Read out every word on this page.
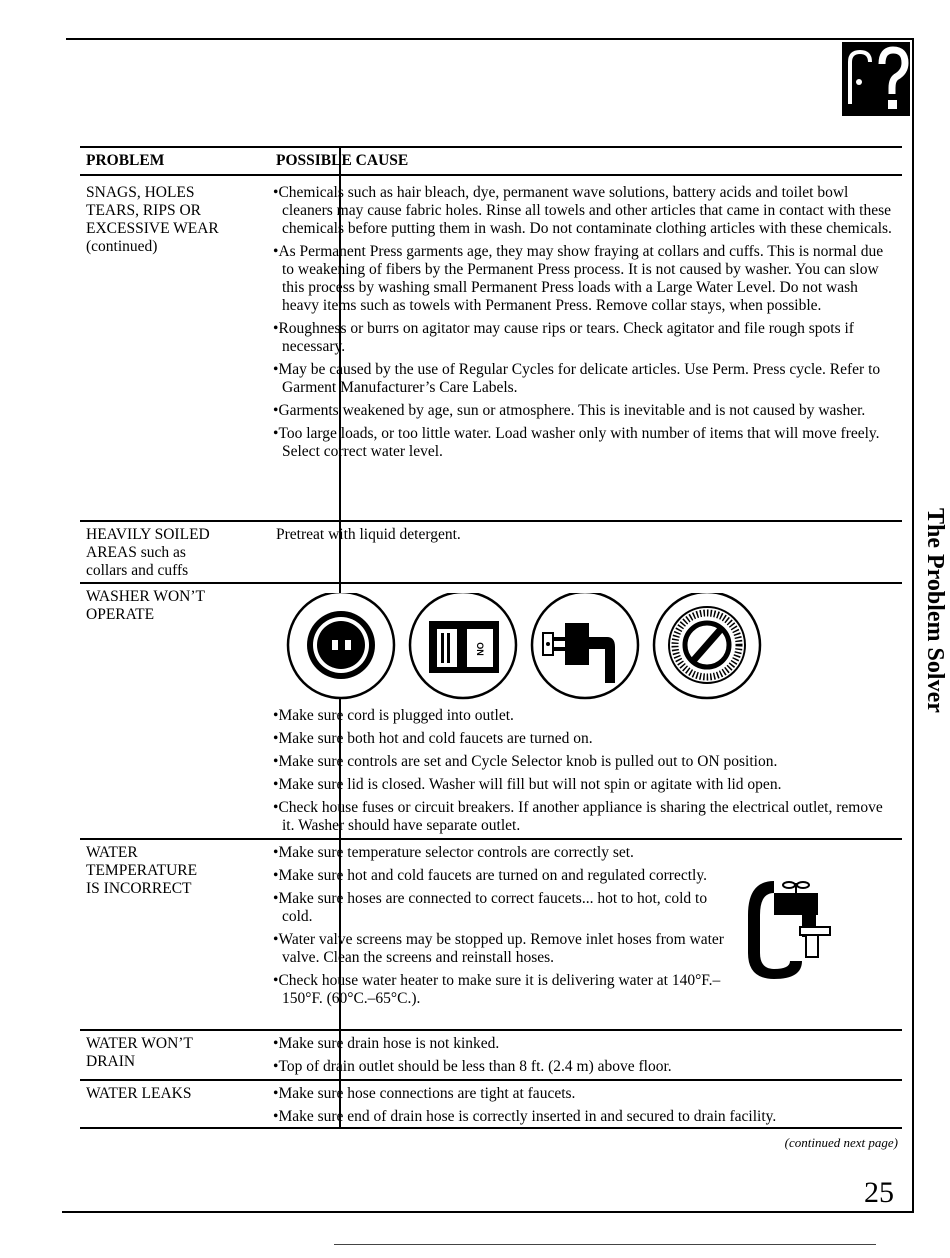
The Problem Solver
PROBLEM	POSSIBLE CAUSE
SNAGS, HOLES
TEARS, RIPS OR
EXCESSIVE WEAR
(continued)

• Chemicals such as hair bleach, dye, permanent wave solutions, battery acids and toilet bowl cleaners may cause fabric holes. Rinse all towels and other articles that came in contact with these chemicals before putting them in wash. Do not contaminate clothing articles with these chemicals.

• As Permanent Press garments age, they may show fraying at collars and cuffs. This is normal due to weakening of fibers by the Permanent Press process. It is not caused by washer. You can slow this process by washing small Permanent Press loads with a Large Water Level. Do not wash heavy items such as towels with Permanent Press. Remove collar stays, when possible.

• Roughness or burrs on agitator may cause rips or tears. Check agitator and file rough spots if necessary.

• May be caused by the use of Regular Cycles for delicate articles. Use Perm. Press cycle. Refer to Garment Manufacturer’s Care Labels.

• Garments weakened by age, sun or atmosphere. This is inevitable and is not caused by washer.

• Too large loads, or too little water. Load washer only with number of items that will move freely. Select correct water level.

HEAVILY SOILED
AREAS such as
collars and cuffs
Pretreat with liquid detergent.
WASHER WON’T
OPERATE
ON

• Make sure cord is plugged into outlet.

• Make sure both hot and cold faucets are turned on.

• Make sure controls are set and Cycle Selector knob is pulled out to ON position.

• Make sure lid is closed. Washer will fill but will not spin or agitate with lid open.

• Check house fuses or circuit breakers. If another appliance is sharing the electrical outlet, remove it. Washer should have separate outlet.

WATER
TEMPERATURE
IS INCORRECT

• Make sure temperature selector controls are correctly set.

• Make sure hot and cold faucets are turned on and regulated correctly.

• Make sure hoses are connected to correct faucets... hot to hot, cold to cold.

• Water valve screens may be stopped up. Remove inlet hoses from water valve. Clean the screens and reinstall hoses.

• Check house water heater to make sure it is delivering water at 140°F.–150°F. (60°C.–65°C.).

WATER WON’T
DRAIN

• Make sure drain hose is not kinked.

• Top of drain outlet should be less than 8 ft. (2.4 m) above floor.

WATER LEAKS	• Make sure hose connections are tight at faucets.

• Make sure end of drain hose is correctly inserted in and secured to drain facility.

(continued next page)
25
